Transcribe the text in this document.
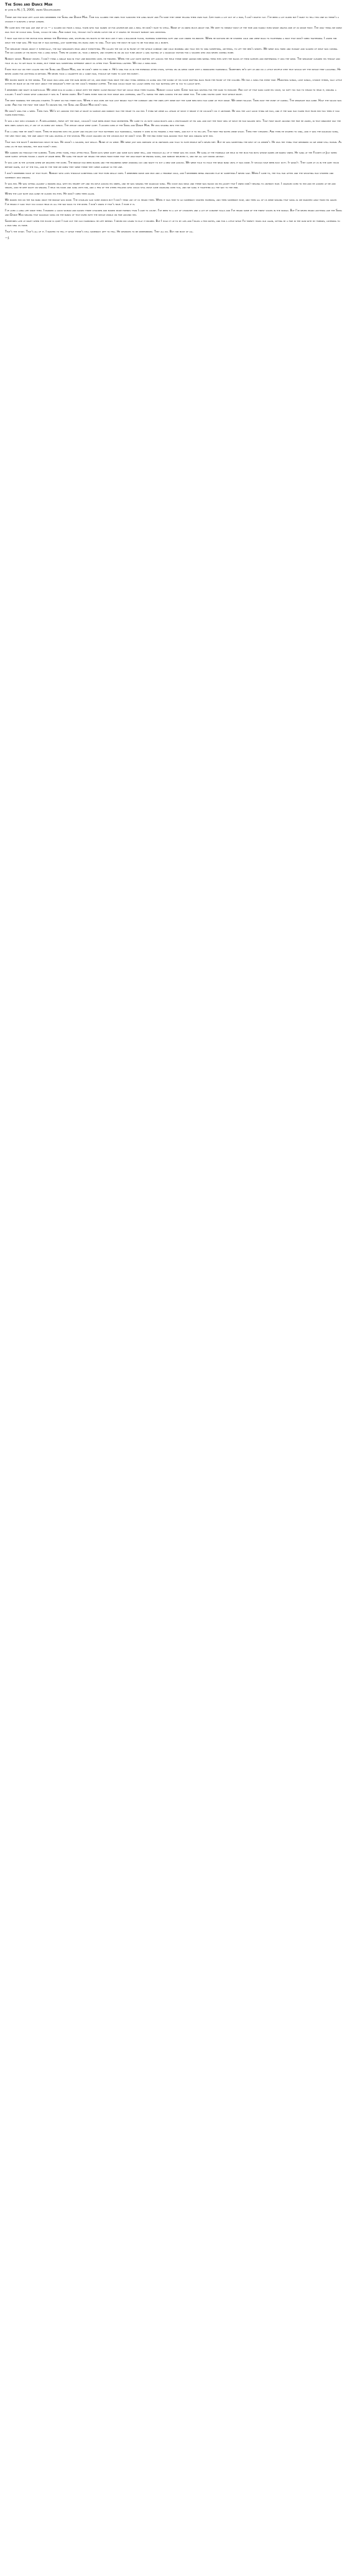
The Song and Dance Man

by john in AL | 5, 2000, under Uncategorized

There are few now left alive who remember the Song and Dance Man. Time has claimed the ones that survived the long night and I'm sure they were telling their own tale. Life takes a lot out of a man, I can't rightly say. I've been a lot older but I want to tell this one so there's a chance it survives a while longer.

He came into the war like one of us — a scared kid from a small town who had signed up for adventure and a meal he didn't have to steal. None of us knew much about him. He kept to himself most of the time and hardly ever spoke unless one of us spoke first. The only thing we knew was that he could sing. Lord, could he sing. And dance too, though you'd never catch him at it unless he thought nobody was watching.

I first saw him in the motor pool behind the Bathesda line, shuffling his boots in the mud like it was a ballroom floor, humming something soft and low under his breath. When he noticed me he stopped cold and went back to tightening a bolt that didn't need tightening. I asked him what the tune was. He told me it was nothing, just something his mama used to sing. That was the most he said to me for near on a month.

The sergeant heard about it eventually, the way sergeants hear about everything. He called the kid up in front of the whole company one cold morning and told him to sing something, anything, to lift the men's spirits. We were dog tired and hungry and scared of what was coming. The kid looked at his boots for a long while. Then he looked up, took a breath, and started in on an old tune about a girl waiting at a railroad station for a soldier who was never coming home.

Nobody spoke. Nobody moved. I don't think a single man in that line breathed until he finished. When the last note drifted off across the field there were grown men wiping their eyes with the backs of their sleeves and pretending it was the wind. The sergeant cleared his throat and told us all to get back to work, but there was something different about us after that. Something lighter. We had a song now.

From that day on they called him the Song and Dance Man, and he didn't seem to mind it. He'd sing for us in the evenings after chow, sitting on an ammo crate with a borrowed harmonica. Sometimes he'd get up and do a little shuffle step that would set the whole tent laughing. He never asked for anything in return. He never took a cigarette or a candy bar, though we tried to give him plenty.

We moved north in the spring. The road was long and the rain never let up, and more than once the only thing keeping us going was the sound of his voice drifting back from the front of the column. He had a song for every mile. Marching songs, love songs, church hymns, silly little ditties he made up on the spot about the sergeant's feet or the cook's terrible coffee. The man could make you laugh when you had nothing left in you to laugh with.

I remember one night in particular. We were dug in along a ridge with the enemy close enough that we could hear them talking. Nobody could sleep. Every man was waiting for the dark to explode. And out of that dark came his voice, so soft you had to strain to hear it, singing a lullaby. I don't know what language it was in. I never asked. But I knew every man on that ridge was listening, and I'll swear the ones across the way were too. The guns stayed quiet that whole night.

The next morning the shelling started. It went on for three days. When it was over we had lost nearly half the company and the ones left were not the same men who had gone up that ridge. We were hollow. Tired past the point of caring. The sergeant was gone. Half the squad was gone. And for the first time since I'd known him, the Song and Dance Man didn't sing.

He didn't sing for a week. Then two. We'd sit around the fire at night in silence and nobody had the heart to ask him. I think we were all afraid of what it meant if he couldn't do it anymore. He was the last good thing we had, and if the war had taken that from him too then it had taken everything.

It was a boy who changed it. A replacement, fresh off the boat, couldn't have been more than seventeen. He came to us with clean boots and a photograph of his girl and not the first idea of what he had walked into. That first night around the fire he asked, in that innocent way the new ones always did, if any of us knew any songs. The whole circle went quiet. I looked over at the Song and Dance Man. He was staring into the fire.

For a long time he didn't move. Then he reached into his jacket and pulled out that battered old harmonica, turned it over in his fingers a few times, and put it to his lips. The first few notes were shaky. Then they steadied. And then he started to sing, and it was the railroad song, the very first one, the one about the girl waiting at the station. His voice cracked on the chorus but he didn't stop. By the end every man around that fire was singing with him.

That was the night I understood what he was. He wasn't a soldier, not really. None of us were. We were just kids dressed up in uniforms and told to hate people we'd never met. But he was something the rest of us weren't. He was the thing that reminded us we were still human. As long as he was singing, the war hadn't won.

We carried on through the summer. Town after town, field after field. Some days were quiet and some days were hell, and through all of it there was his voice. He sang at the funerals we held in the mud for boys whose names we barely knew. He sang at the Fourth of July when some supply officer found a crate of warm beer. He sang the night we heard the news from home that the war might be ending soon, and nobody believed it, and we all got drunk anyway.

It was late in the autumn when we reached the river. The bridge had been blown and the engineers were working day and night to put a new one across. We were told to hold the near bank until it was done. It should have been easy duty. It wasn't. They came at us in the grey hour before dawn, out of the fog, and by the time we knew they were there they were already in the line.

I don't remember much of that fight. Nobody who lives through something like that ever really does. I remember noise and mud and a terrible cold, and I remember being knocked flat by something I never saw. When I came to, the fog had lifted and the shooting had stopped and somebody was singing.

It was him. He was sitting against a broken wall with his helmet off and his rifle across his knees, and he was singing the railroad song. His voice was weak and there was blood on his jacket that I knew didn't belong to anybody else. I crawled over to him and he looked at me and smiled, and he kept right on singing. I held his hand and sang with him, and a few of the other fellows who could still move came crawling over too, and we sang it together all the way to the end.

When the last note was gone he closed his eyes. He didn't open them again.

We buried him on the far bank once the bridge was done. The chaplain said some words but I don't think any of us heard them. When it was time to go somebody started humming, and then somebody else, and then all of us were singing that song as we marched away from his grave. I've heard it said that you could hear us all the way back to the river. I don't know if that's true. I hope it is.

I've lived a long life since then. I married a good woman and raised three children and buried more friends than I care to count. I've been to a lot of churches and a lot of concert halls and I've heard some of the finest voices in the world. But I've never heard anything like the Song and Dance Man singing that railroad song on the banks of that river with the whole world on fire around him.

Sometimes late at night when the house is quiet I take out the old harmonica he left behind. I never did learn to play it proper. But I hold it up to my lips and I blow a few notes, and for a little while I'm twenty years old again, sitting by a fire in the rain with my friends, listening to a man sing us home.

That's the story. That's all of it. I wanted to tell it while there's still somebody left to tell. He deserves to be remembered. They all do. But him most of all.

—J.
